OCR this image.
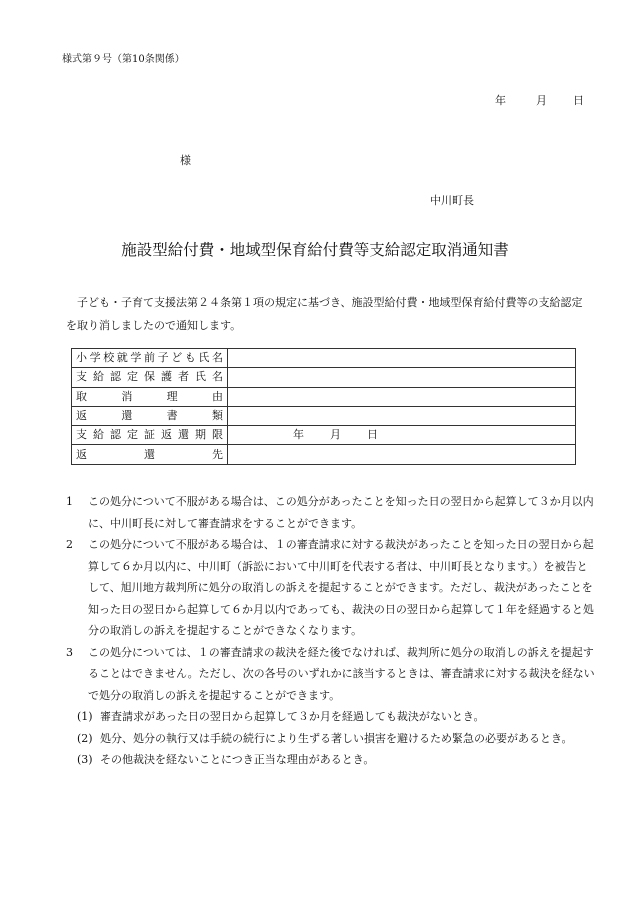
様式第９号（第10条関係）
年	月 日
様
中川町長
施設型給付費・地域型保育給付費等支給認定取消通知書
子ども・子育て支援法第２４条第１項の規定に基づき、施設型給付費・地域型保育給付費等の支給認定を取り消しましたので通知します。
小学校就学前子ども氏名	
支給認定保護者氏名	
取消理由	
返還書類	
支給認定証返還期限	年 月 日

返還先	
1 この処分について不服がある場合は、この処分があったことを知った日の翌日から起算して３か月以内に、中川町長に対して審査請求をすることができます。
2 この処分について不服がある場合は、１の審査請求に対する裁決があったことを知った日の翌日から起算して６か月以内に、中川町（訴訟において中川町を代表する者は、中川町長となります。）を被告として、旭川地方裁判所に処分の取消しの訴えを提起することができます。ただし、裁決があったことを知った日の翌日から起算して６か月以内であっても、裁決の日の翌日から起算して１年を経過すると処分の取消しの訴えを提起することができなくなります。
3 この処分については、１の審査請求の裁決を経た後でなければ、裁判所に処分の取消しの訴えを提起することはできません。ただし、次の各号のいずれかに該当するときは、審査請求に対する裁決を経ないで処分の取消しの訴えを提起することができます。
(1) 審査請求があった日の翌日から起算して３か月を経過しても裁決がないとき。
(2) 処分、処分の執行又は手続の続行により生ずる著しい損害を避けるため緊急の必要があるとき。
(3) その他裁決を経ないことにつき正当な理由があるとき。
